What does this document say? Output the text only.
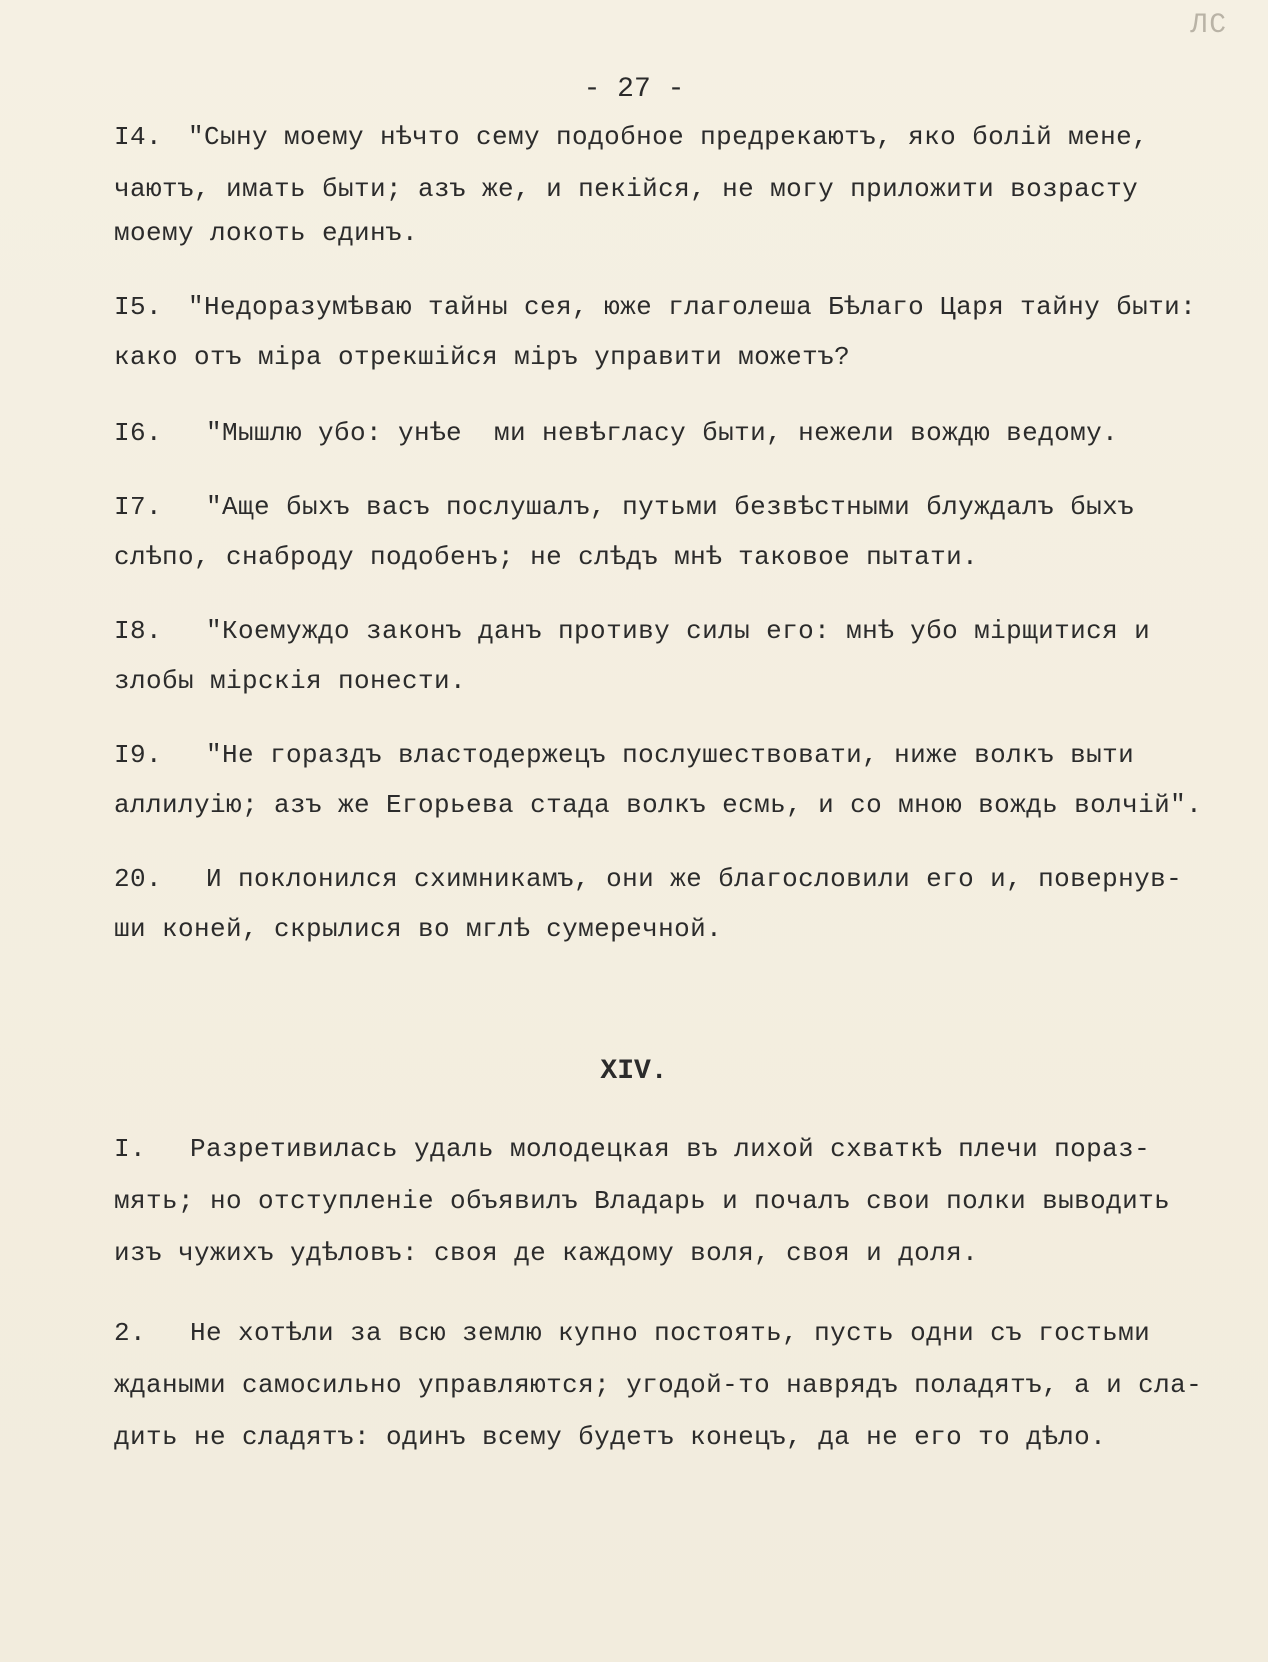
ЛС
- 27 -
I4. "Сыну моему нѣчто сему подобное предрекаютъ, яко болій мене,
чаютъ, имать быти; азъ же, и пекійся, не могу приложити возрасту
моему локоть единъ.
I5. "Недоразумѣваю тайны сея, юже глаголеша Бѣлаго Царя тайну быти:
како отъ міра отрекшійся міръ управити можетъ?
I6. "Мышлю убо: унѣе  ми невѣгласу быти, нежели вождю ведому.
I7. "Аще быхъ васъ послушалъ, путьми безвѣстными блуждалъ быхъ
слѣпо, снаброду подобенъ; не слѣдъ мнѣ таковое пытати.
I8. "Коемуждо законъ данъ противу силы его: мнѣ убо мірщитися и
злобы мірскія понести.
I9. "Не гораздъ властодержецъ послушествовати, ниже волкъ выти
аллилуію; азъ же Егорьева стада волкъ есмь, и со мною вождь волчій".
20. И поклонился схимникамъ, они же благословили его и, повернув-
ши коней, скрылися во мглѣ сумеречной.
XIV.
I. Разретивилась удаль молодецкая въ лихой схваткѣ плечи пораз-
мять; но отступленіе объявилъ Владарь и почалъ свои полки выводить
изъ чужихъ удѣловъ: своя де каждому воля, своя и доля.
2. Не хотѣли за всю землю купно постоять, пусть одни съ гостьми
ждаными самосильно управляются; угодой-то наврядъ поладятъ, а и сла-
дить не сладятъ: одинъ всему будетъ конецъ, да не его то дѣло.
